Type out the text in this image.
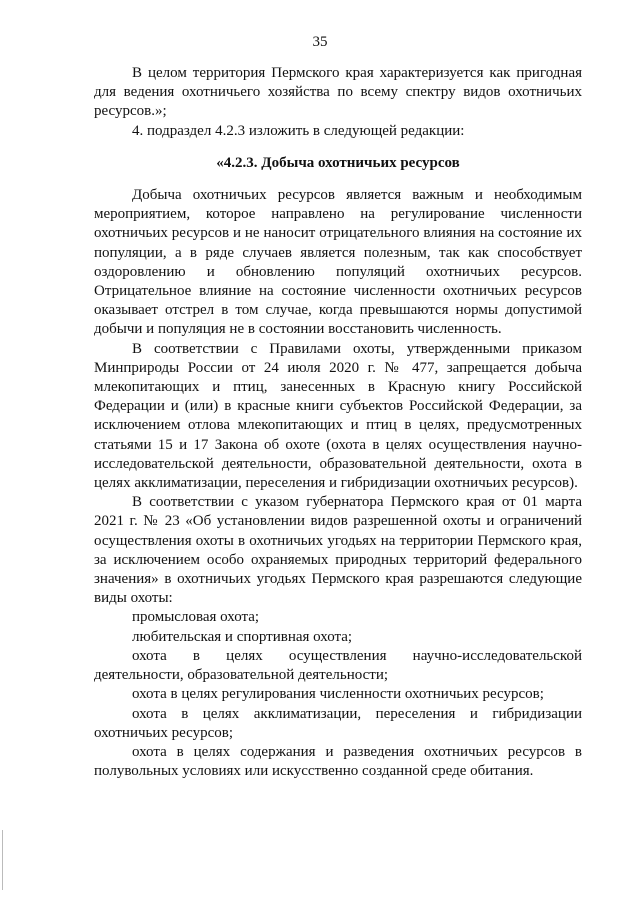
35

В целом территория Пермского края характеризуется как пригодная для ведения охотничьего хозяйства по всему спектру видов охотничьих ресурсов.»;

4. подраздел 4.2.3 изложить в следующей редакции:

«4.2.3. Добыча охотничьих ресурсов

Добыча охотничьих ресурсов является важным и необходимым мероприятием, которое направлено на регулирование численности охотничьих ресурсов и не наносит отрицательного влияния на состояние их популяции, а в ряде случаев является полезным, так как способствует оздоровлению и обновлению популяций охотничьих ресурсов. Отрицательное влияние на состояние численности охотничьих ресурсов оказывает отстрел в том случае, когда превышаются нормы допустимой добычи и популяция не в состоянии восстановить численность.

В соответствии с Правилами охоты, утвержденными приказом Минприроды России от 24 июля 2020 г. № 477, запрещается добыча млекопитающих и птиц, занесенных в Красную книгу Российской Федерации и (или) в красные книги субъектов Российской Федерации, за исключением отлова млекопитающих и птиц в целях, предусмотренных статьями 15 и 17 Закона об охоте (охота в целях осуществления научно-исследовательской деятельности, образовательной деятельности, охота в целях акклиматизации, переселения и гибридизации охотничьих ресурсов).

В соответствии с указом губернатора Пермского края от 01 марта 2021 г. № 23 «Об установлении видов разрешенной охоты и ограничений осуществления охоты в охотничьих угодьях на территории Пермского края, за исключением особо охраняемых природных территорий федерального значения» в охотничьих угодьях Пермского края разрешаются следующие виды охоты:

промысловая охота;

любительская и спортивная охота;

охота в целях осуществления научно-исследовательской деятельности, образовательной деятельности;

охота в целях регулирования численности охотничьих ресурсов;

охота в целях акклиматизации, переселения и гибридизации охотничьих ресурсов;

охота в целях содержания и разведения охотничьих ресурсов в полувольных условиях или искусственно созданной среде обитания.
